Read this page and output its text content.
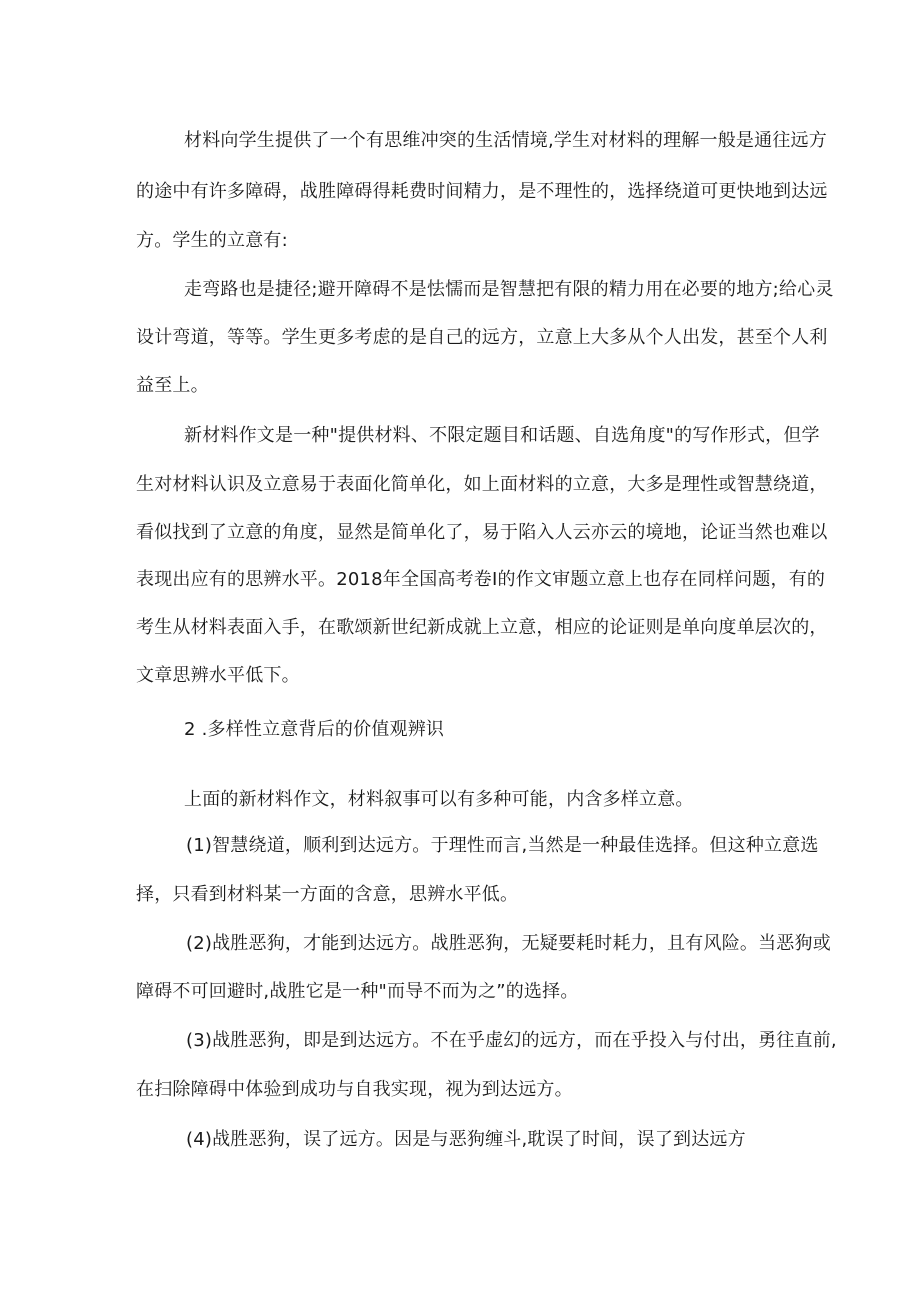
材料向学生提供了一个有思维冲突的生活情境,学生对材料的理解一般是通往远方
的途中有许多障碍，战胜障碍得耗费时间精力，是不理性的，选择绕道可更快地到达远
方。学生的立意有:
走弯路也是捷径;避开障碍不是怯懦而是智慧把有限的精力用在必要的地方;给心灵
设计弯道，等等。学生更多考虑的是自己的远方，立意上大多从个人出发，甚至个人利
益至上。
新材料作文是一种"提供材料、不限定题目和话题、自选角度"的写作形式，但学
生对材料认识及立意易于表面化简单化，如上面材料的立意，大多是理性或智慧绕道，
看似找到了立意的角度，显然是简单化了，易于陷入人云亦云的境地，论证当然也难以
表现出应有的思辨水平。2018年全国高考卷I的作文审题立意上也存在同样问题，有的
考生从材料表面入手，在歌颂新世纪新成就上立意，相应的论证则是单向度单层次的，
文章思辨水平低下。
2 .多样性立意背后的价值观辨识
上面的新材料作文，材料叙事可以有多种可能，内含多样立意。
(1)智慧绕道，顺利到达远方。于理性而言,当然是一种最佳选择。但这种立意选
择，只看到材料某一方面的含意，思辨水平低。
(2)战胜恶狗，才能到达远方。战胜恶狗，无疑要耗时耗力，且有风险。当恶狗或
障碍不可回避时,战胜它是一种"而导不而为之”的选择。
(3)战胜恶狗，即是到达远方。不在乎虚幻的远方，而在乎投入与付出，勇往直前,
在扫除障碍中体验到成功与自我实现，视为到达远方。
(4)战胜恶狗，误了远方。因是与恶狗缠斗,耽误了时间，误了到达远方
